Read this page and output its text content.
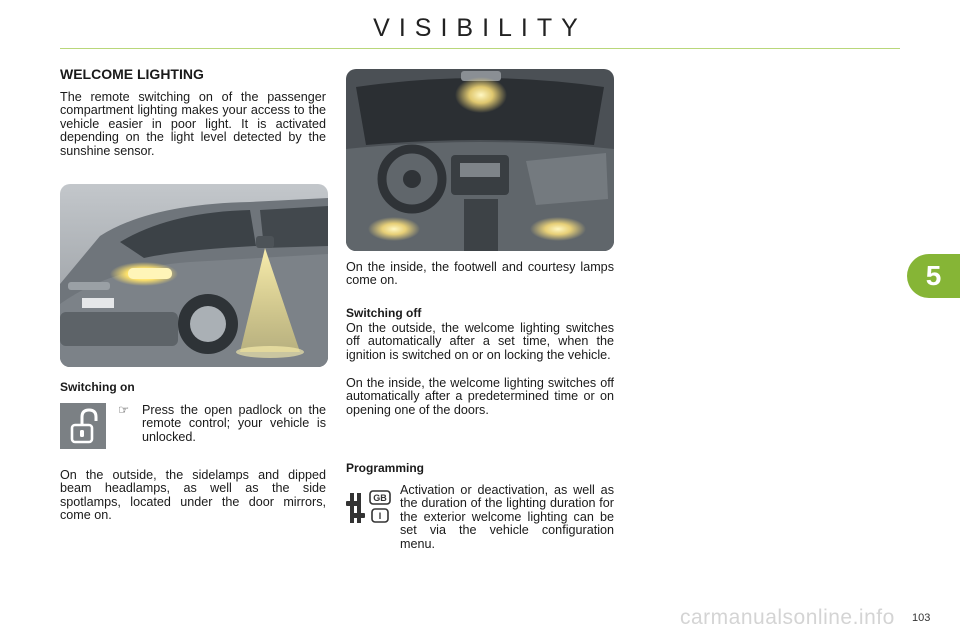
VISIBILITY
5
WELCOME LIGHTING

The remote switching on of the passenger compartment lighting makes your access to the vehicle easier in poor light. It is activated depending on the light level detected by the sunshine sensor.

On the inside, the footwell and courtesy lamps come on.

Switching off

On the outside, the welcome lighting switches off automatically after a set time, when the ignition is switched on or on locking the vehicle.

On the inside, the welcome lighting switches off automatically after a predetermined time or on opening one of the doors.

Switching on
☞ Press the open padlock on the remote control; your vehicle is unlocked.

On the outside, the sidelamps and dipped beam headlamps, as well as the side spotlamps, located under the door mirrors, come on.

Programming
GB
I

Activation or deactivation, as well as the duration of the lighting duration for the exterior welcome lighting can be set via the vehicle configuration menu.

carmanualsonline.info 103
